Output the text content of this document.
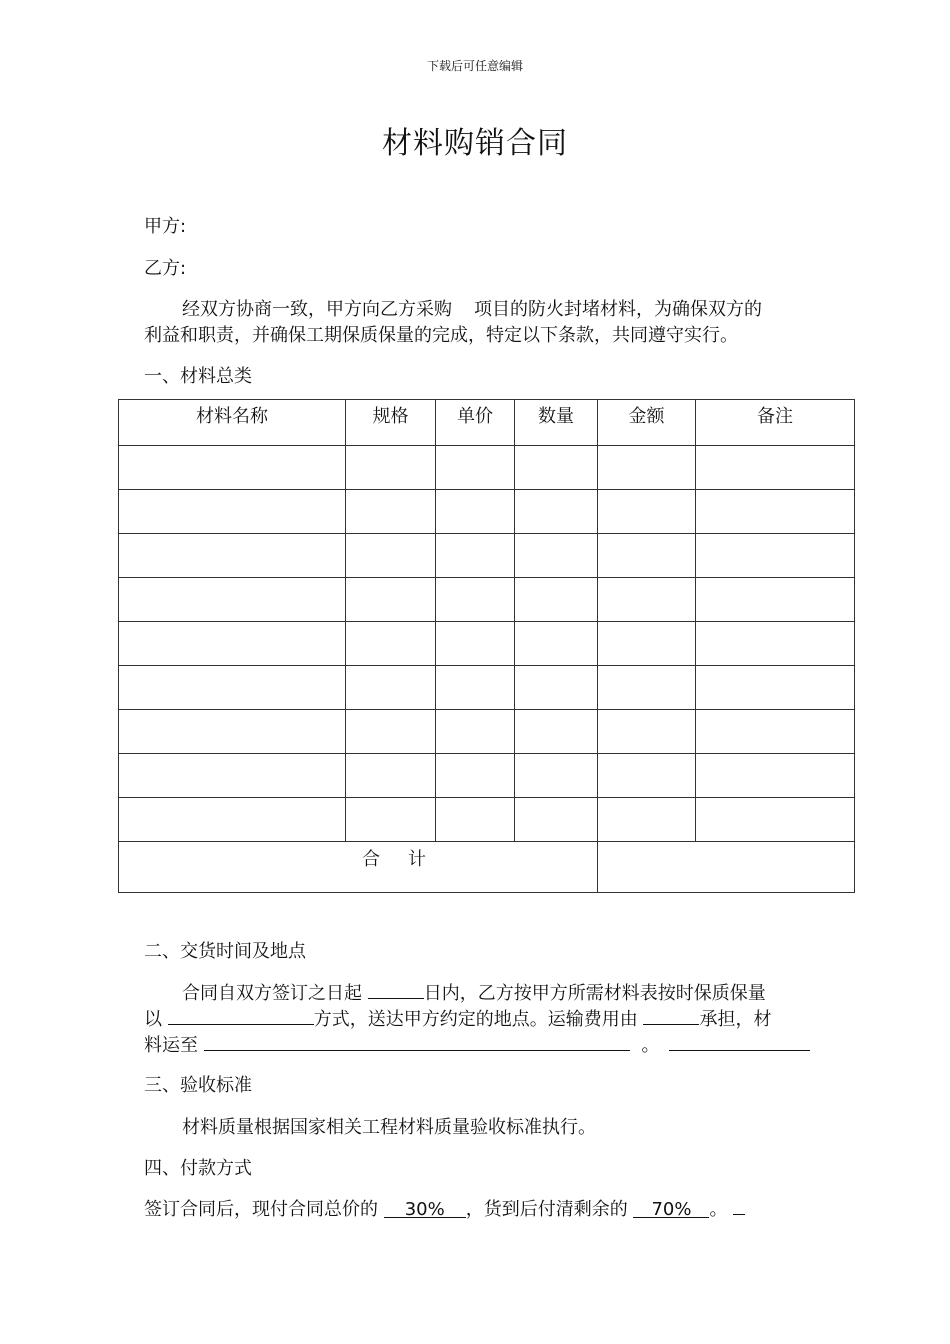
下载后可任意编辑
材料购销合同
甲方:
乙方:
经双方协商一致，甲方向乙方采购 项目的防火封堵材料，为确保双方的
利益和职责，并确保工期保质保量的完成，特定以下条款，共同遵守实行。
一、材料总类
材料名称	规格	单价	数量	金额	备注

合计					
二、交货时间及地点
合同自双方签订之日起	日内，乙方按甲方所需材料表按时保质保量
以	方式，送达甲方约定的地点。运输费用由	承担，材
料运至	。
三、验收标准
材料质量根据国家相关工程材料质量验收标准执行。
四、付款方式
签订合同后，现付合同总价的 30% ，货到后付清剩余的 70% 。
